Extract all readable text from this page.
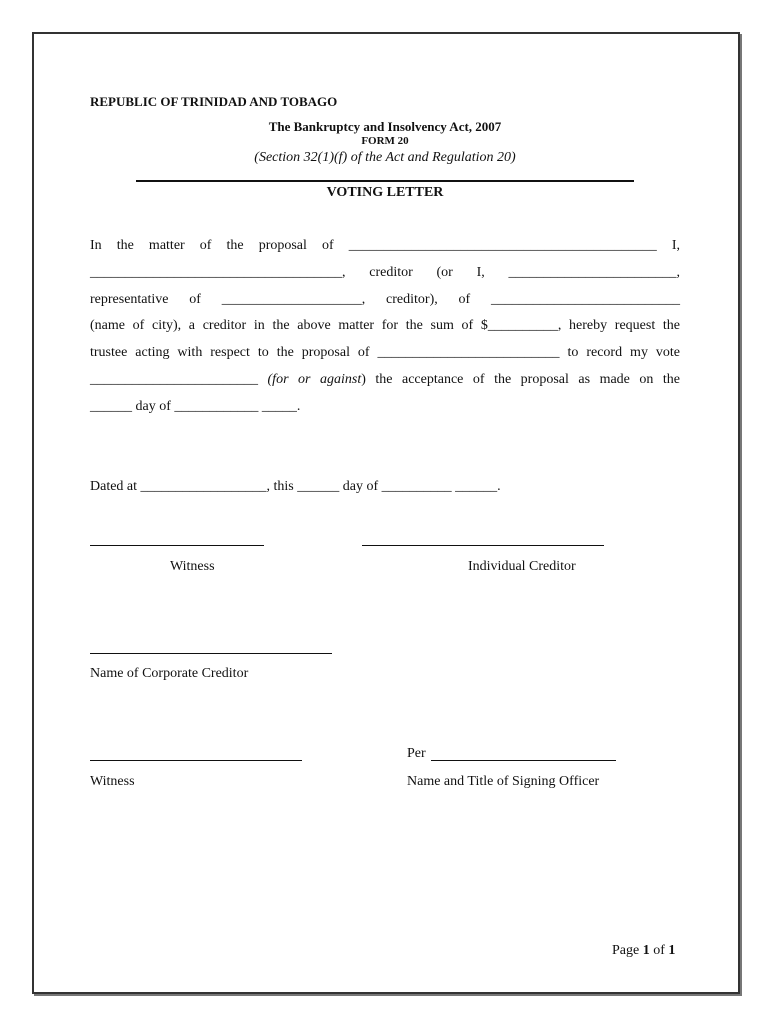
REPUBLIC OF TRINIDAD AND TOBAGO
The Bankruptcy and Insolvency Act, 2007
FORM 20
(Section 32(1)(f) of the Act and Regulation 20)
VOTING LETTER
In the matter of the proposal of ____________________________________________ I,
____________________________________, creditor (or I, ________________________,
representative of ____________________, creditor), of ___________________________
(name of city), a creditor in the above matter for the sum of $__________, hereby request the
trustee acting with respect to the proposal of __________________________ to record my vote
________________________ (for or against) the acceptance of the proposal as made on the
______ day of ____________ _____.
Dated at __________________, this ______ day of __________ ______.
Witness	Individual Creditor
Name of Corporate Creditor
Witness
Per
Name and Title of Signing Officer
Page 1 of 1
